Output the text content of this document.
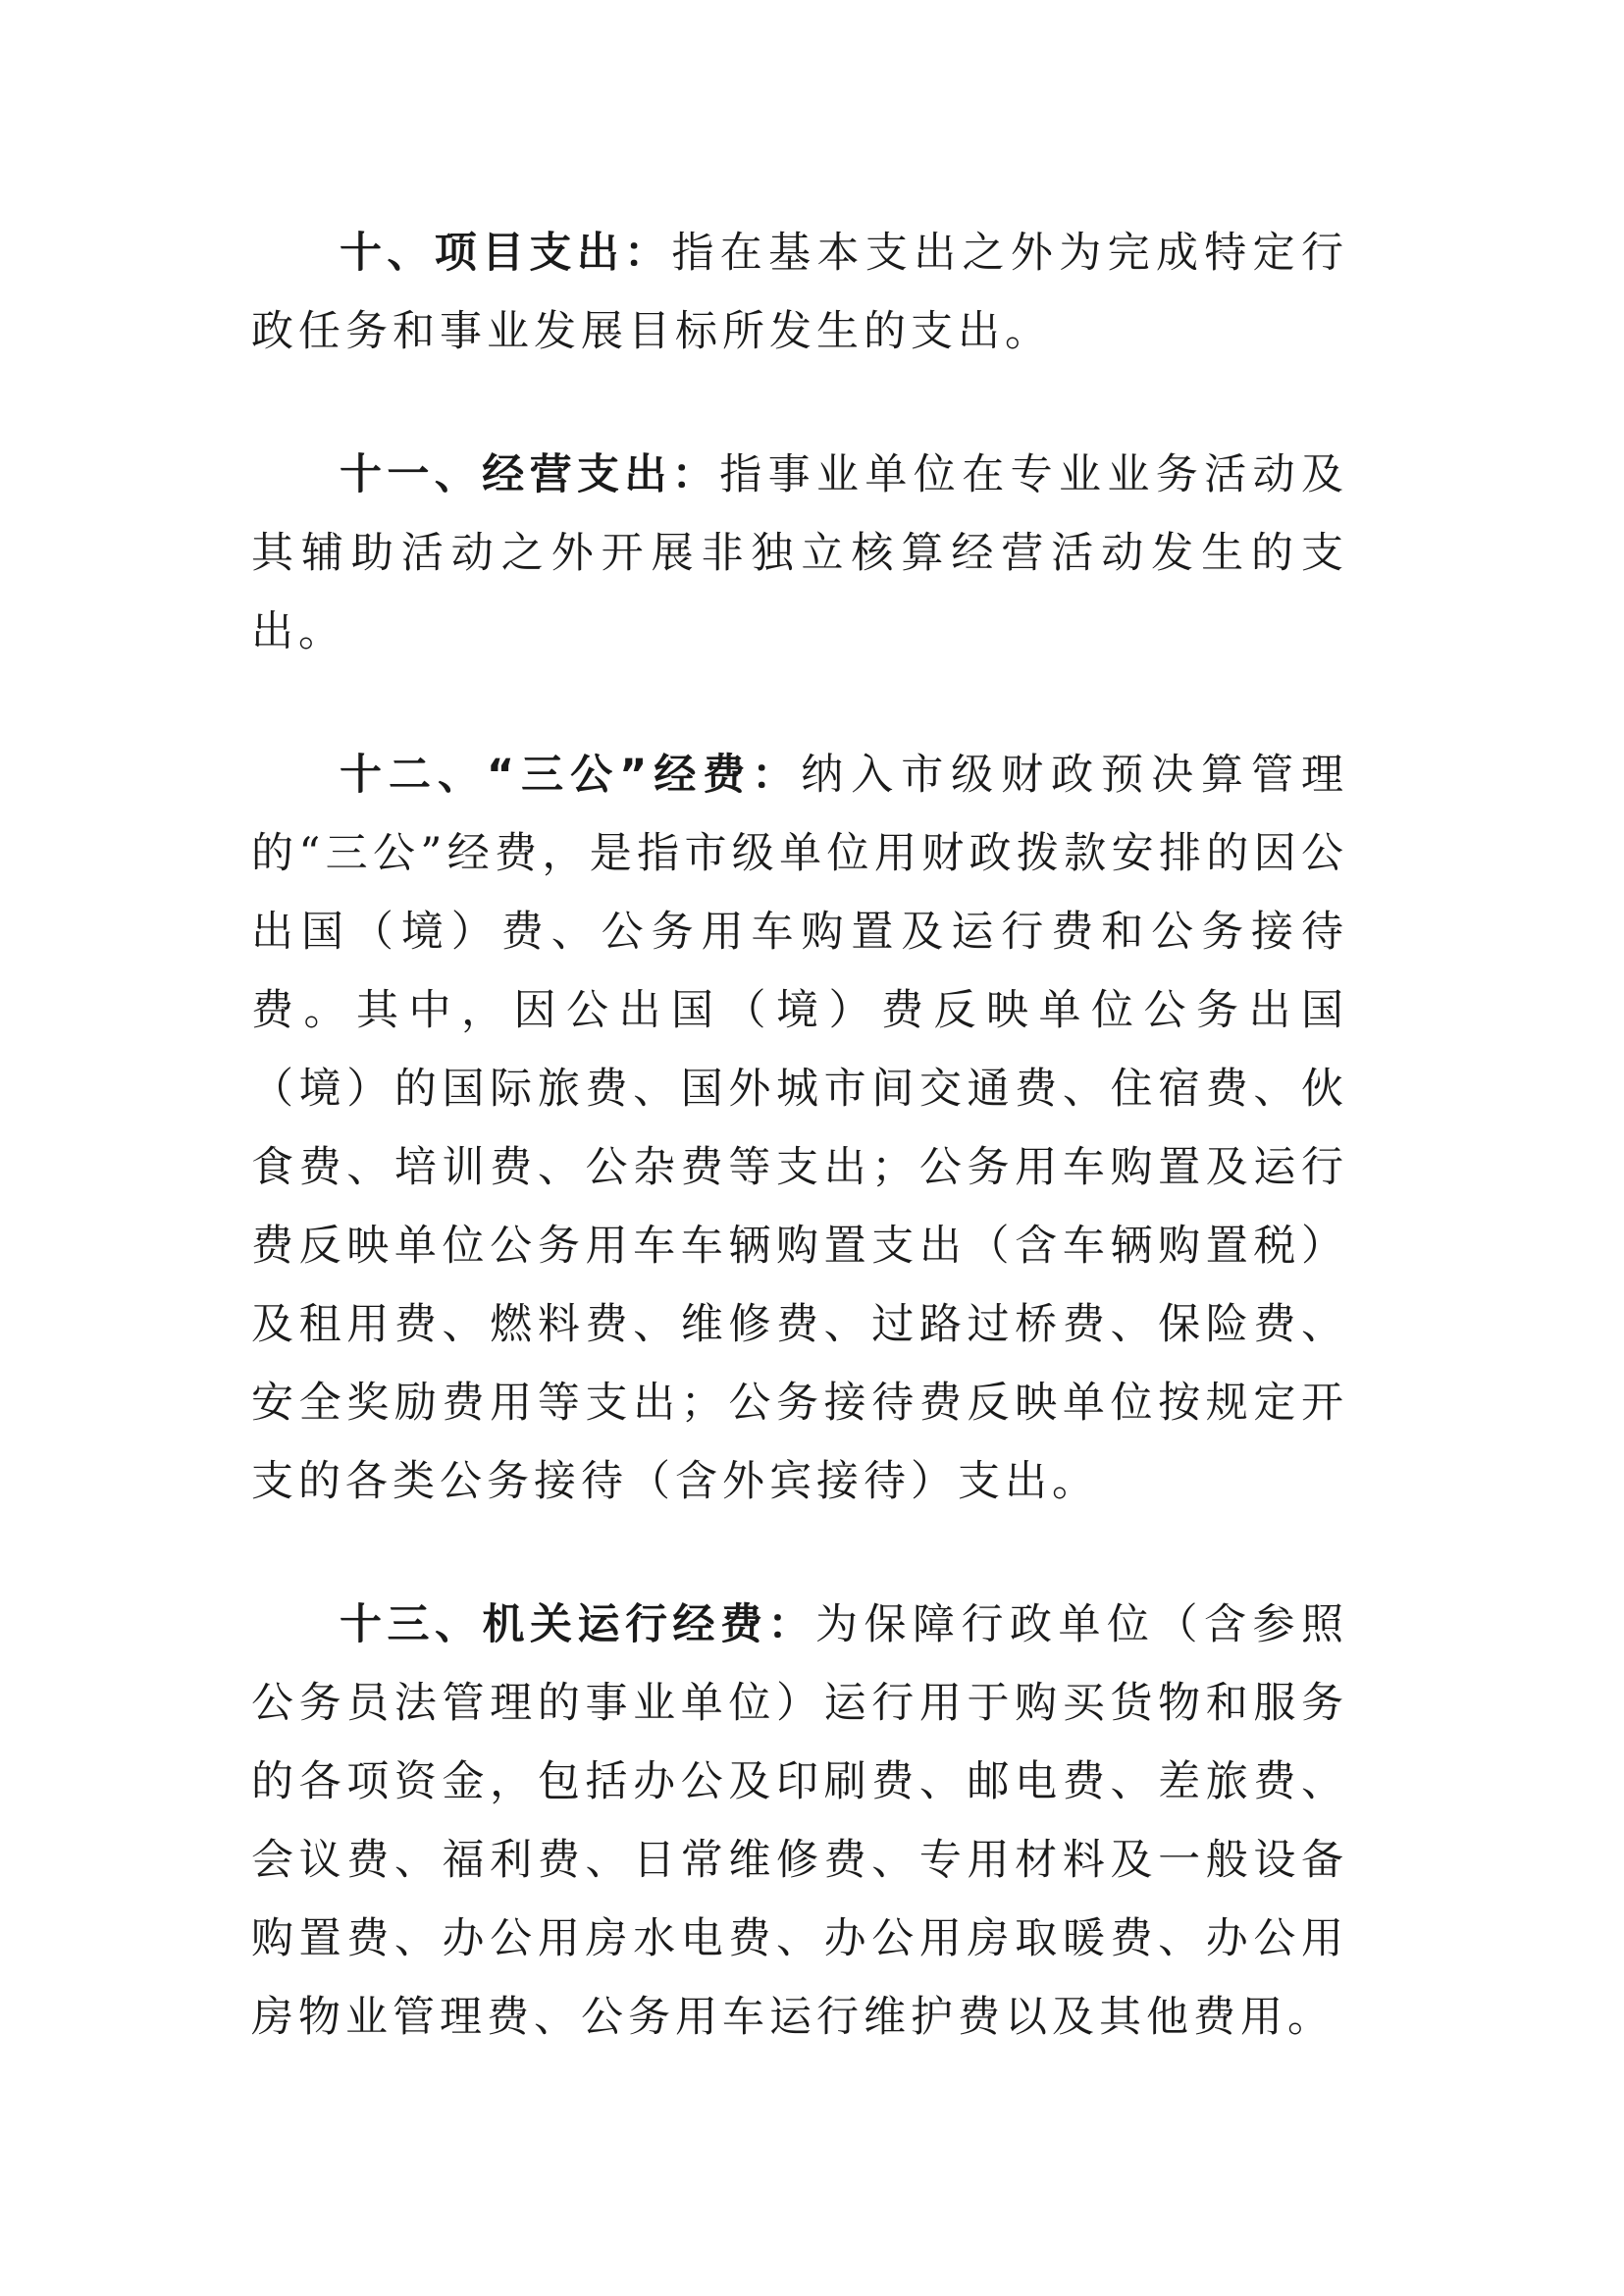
十、项目支出：指在基本支出之外为完成特定行政任务和事业发展目标所发生的支出。

十一、经营支出：指事业单位在专业业务活动及其辅助活动之外开展非独立核算经营活动发生的支出。

十二、“三公”经费：纳入市级财政预决算管理的“三公”经费，是指市级单位用财政拨款安排的因公出国（境）费、公务用车购置及运行费和公务接待费。其中，因公出国（境）费反映单位公务出国（境）的国际旅费、国外城市间交通费、住宿费、伙食费、培训费、公杂费等支出；公务用车购置及运行费反映单位公务用车车辆购置支出（含车辆购置税）及租用费、燃料费、维修费、过路过桥费、保险费、安全奖励费用等支出；公务接待费反映单位按规定开支的各类公务接待（含外宾接待）支出。

十三、机关运行经费：为保障行政单位（含参照公务员法管理的事业单位）运行用于购买货物和服务的各项资金，包括办公及印刷费、邮电费、差旅费、会议费、福利费、日常维修费、专用材料及一般设备购置费、办公用房水电费、办公用房取暖费、办公用房物业管理费、公务用车运行维护费以及其他费用。
